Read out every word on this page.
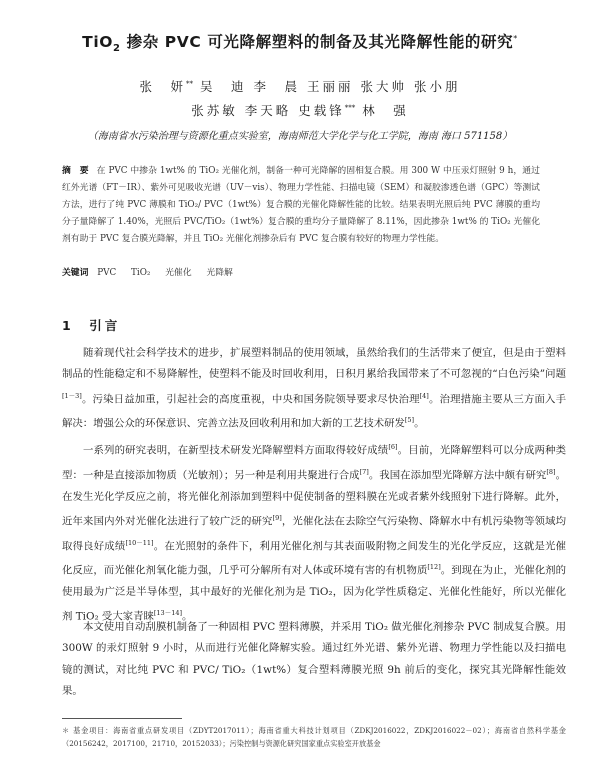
TiO$_2$ 掺杂 PVC 可光降解塑料的制备及其光降解性能的研究*
张　妍** 吴　迪 李　晨 王丽丽 张大帅 张小朋
张苏敏 李天略 史载锋*** 林　强
（海南省水污染治理与资源化重点实验室，海南师范大学化学与化工学院，海南 海口 571158）
摘　要 在 PVC 中掺杂 1wt% 的 TiO₂ 光催化剂，制备一种可光降解的固相复合膜。用 300 W 中压汞灯照射 9 h，通过红外光谱（FT－IR）、紫外可见吸收光谱（UV－vis）、物理力学性能、扫描电镜（SEM）和凝胶渗透色谱（GPC）等测试方法，进行了纯 PVC 薄膜和 TiO₂/ PVC（1wt%）复合膜的光催化降解性能的比较。结果表明光照后纯 PVC 薄膜的重均分子量降解了 1.40%，光照后 PVC/TiO₂（1wt%）复合膜的重均分子量降解了 8.11%，因此掺杂 1wt% 的 TiO₂ 光催化剂有助于 PVC 复合膜光降解，并且 TiO₂ 光催化剂掺杂后有 PVC 复合膜有较好的物理力学性能。
关键词 PVC TiO₂ 光催化 光降解
1　引言

随着现代社会科学技术的进步，扩展塑料制品的使用领域，虽然给我们的生活带来了便宜，但是由于塑料制品的性能稳定和不易降解性，使塑料不能及时回收利用，日积月累给我国带来了不可忽视的“白色污染”问题[1－3]。污染日益加重，引起社会的高度重视，中央和国务院领导要求尽快治理[4]。治理措施主要从三方面入手解决：增强公众的环保意识、完善立法及回收利用和加大新的工艺技术研发[5]。

一系列的研究表明，在新型技术研发光降解塑料方面取得较好成绩[6]。目前，光降解塑料可以分成两种类型：一种是直接添加物质（光敏剂）；另一种是利用共聚进行合成[7]。我国在添加型光降解方法中颇有研究[8]。在发生光化学反应之前，将光催化剂添加到塑料中促使制备的塑料膜在光或者紫外线照射下进行降解。此外，近年来国内外对光催化法进行了较广泛的研究[9]，光催化法在去除空气污染物、降解水中有机污染物等领域均取得良好成绩[10－11]。在光照射的条件下，利用光催化剂与其表面吸附物之间发生的光化学反应，这就是光催化反应，而光催化剂氧化能力强，几乎可分解所有对人体或环境有害的有机物质[12]。到现在为止，光催化剂的使用最为广泛是半导体型，其中最好的光催化剂为是 TiO₂，因为化学性质稳定、光催化性能好，所以光催化剂 TiO₂ 受大家青睐[13－14]。

本文使用自动刮膜机制备了一种固相 PVC 塑料薄膜，并采用 TiO₂ 做光催化剂掺杂 PVC 制成复合膜。用 300W 的汞灯照射 9 小时，从而进行光催化降解实验。通过红外光谱、紫外光谱、物理力学性能以及扫描电镜的测试，对比纯 PVC 和 PVC/ TiO₂（1wt%）复合塑料薄膜光照 9h 前后的变化，探究其光降解性能效果。

＊ 基金项目：海南省重点研发项目（ZDYT2017011）；海南省重大科技计划项目（ZDKJ2016022，ZDKJ2016022－02）；海南省自然科学基金（20156242，2017100，21710，20152033）；污染控制与资源化研究国家重点实验室开放基金
